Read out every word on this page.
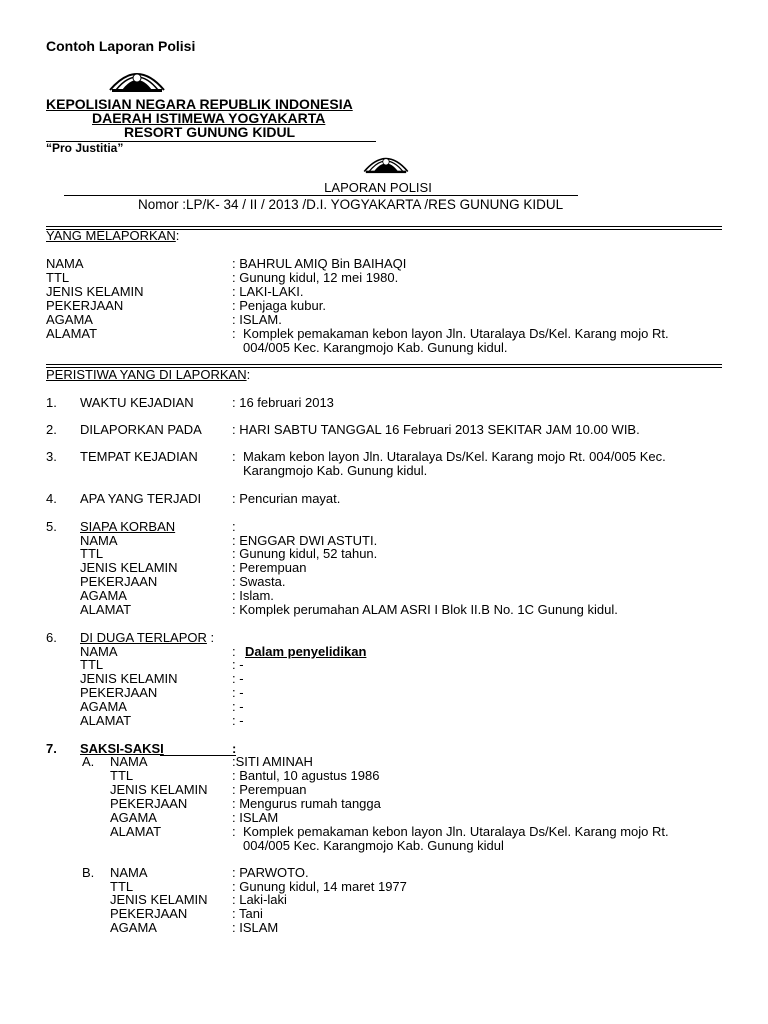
Contoh Laporan Polisi
KEPOLISIAN NEGARA REPUBLIK INDONESIA
DAERAH ISTIMEWA YOGYAKARTA
RESORT GUNUNG KIDUL
“Pro Justitia”
LAPORAN POLISI
Nomor :LP/K- 34 / II / 2013 /D.I. YOGYAKARTA /RES GUNUNG KIDUL
YANG MELAPORKAN:
NAMA	: BAHRUL AMIQ Bin BAIHAQI
TTL	: Gunung kidul, 12 mei 1980.
JENIS KELAMIN	: LAKI-LAKI.
PEKERJAAN	: Penjaga kubur.
AGAMA	: ISLAM.
ALAMAT	: Komplek pemakaman kebon layon Jln. Utaralaya Ds/Kel. Karang mojo Rt.
004/005 Kec. Karangmojo Kab. Gunung kidul.
PERISTIWA YANG DI LAPORKAN:
1. WAKTU KEJADIAN	: 16 februari 2013
2. DILAPORKAN PADA : HARI SABTU TANGGAL 16 Februari 2013 SEKITAR JAM 10.00 WIB.
3. TEMPAT KEJADIAN	: Makam kebon layon Jln. Utaralaya Ds/Kel. Karang mojo Rt. 004/005 Kec.
Karangmojo Kab. Gunung kidul.
4. APA YANG TERJADI : Pencurian mayat.
5. SIAPA KORBAN	:
NAMA	: ENGGAR DWI ASTUTI.
TTL	: Gunung kidul, 52 tahun.
JENIS KELAMIN	: Perempuan
PEKERJAAN	: Swasta.
AGAMA	: Islam.
ALAMAT	: Komplek perumahan ALAM ASRI I Blok II.B No. 1C Gunung kidul.
6. DI DUGA TERLAPOR :
NAMA	: Dalam penyelidikan
TTL	: -
JENIS KELAMIN	: -
PEKERJAAN	: -
AGAMA	: -
ALAMAT	: -
7. SAKSI-SAKSI	:
A. NAMA	:SITI AMINAH
TTL	: Bantul, 10 agustus 1986
JENIS KELAMIN : Perempuan
PEKERJAAN	: Mengurus rumah tangga
AGAMA	: ISLAM
ALAMAT	: Komplek pemakaman kebon layon Jln. Utaralaya Ds/Kel. Karang mojo Rt.
004/005 Kec. Karangmojo Kab. Gunung kidul
B. NAMA	: PARWOTO.
TTL	: Gunung kidul, 14 maret 1977
JENIS KELAMIN : Laki-laki
PEKERJAAN	: Tani
AGAMA	: ISLAM
